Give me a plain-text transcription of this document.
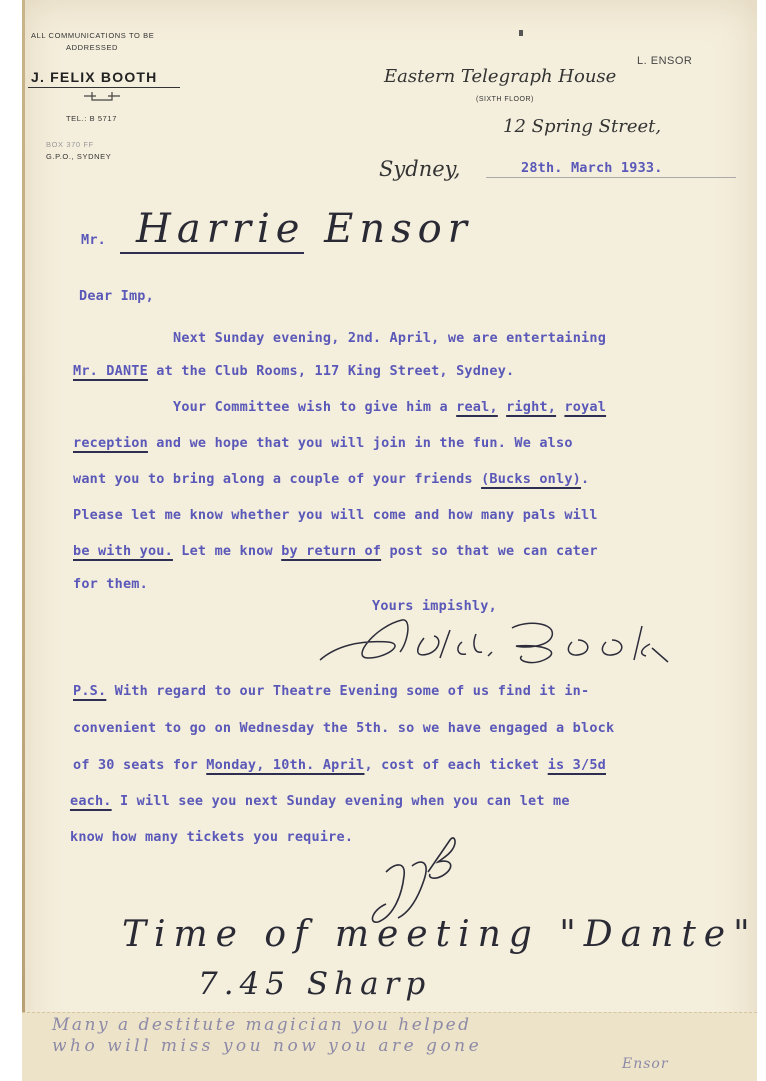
ALL COMMUNICATIONS TO BE
ADDRESSED
J. FELIX BOOTH
TEL.: B 5717
BOX 370 FF
G.P.O., SYDNEY
Eastern Telegraph House
(SIXTH FLOOR)
12 Spring Street,
Sydney,	28th. March 1933.
L. ENSOR
Mr. Harrie Ensor
Dear Imp,
Next Sunday evening, 2nd. April, we are entertaining
Mr. DANTE at the Club Rooms, 117 King Street, Sydney.
Your Committee wish to give him a real, right, royal
reception and we hope that you will join in the fun. We also
want you to bring along a couple of your friends (Bucks only).
Please let me know whether you will come and how many pals will
be with you. Let me know by return of post so that we can cater
for them.
Yours impishly,
P.S. With regard to our Theatre Evening some of us find it in-
convenient to go on Wednesday the 5th. so we have engaged a block
of 30 seats for Monday, 10th. April, cost of each ticket is 3/5d
each. I will see you next Sunday evening when you can let me
know how many tickets you require.
Time of meeting "Dante"
7.45 Sharp
Many a destitute magician you helped
who will miss you now you are gone
Ensor
